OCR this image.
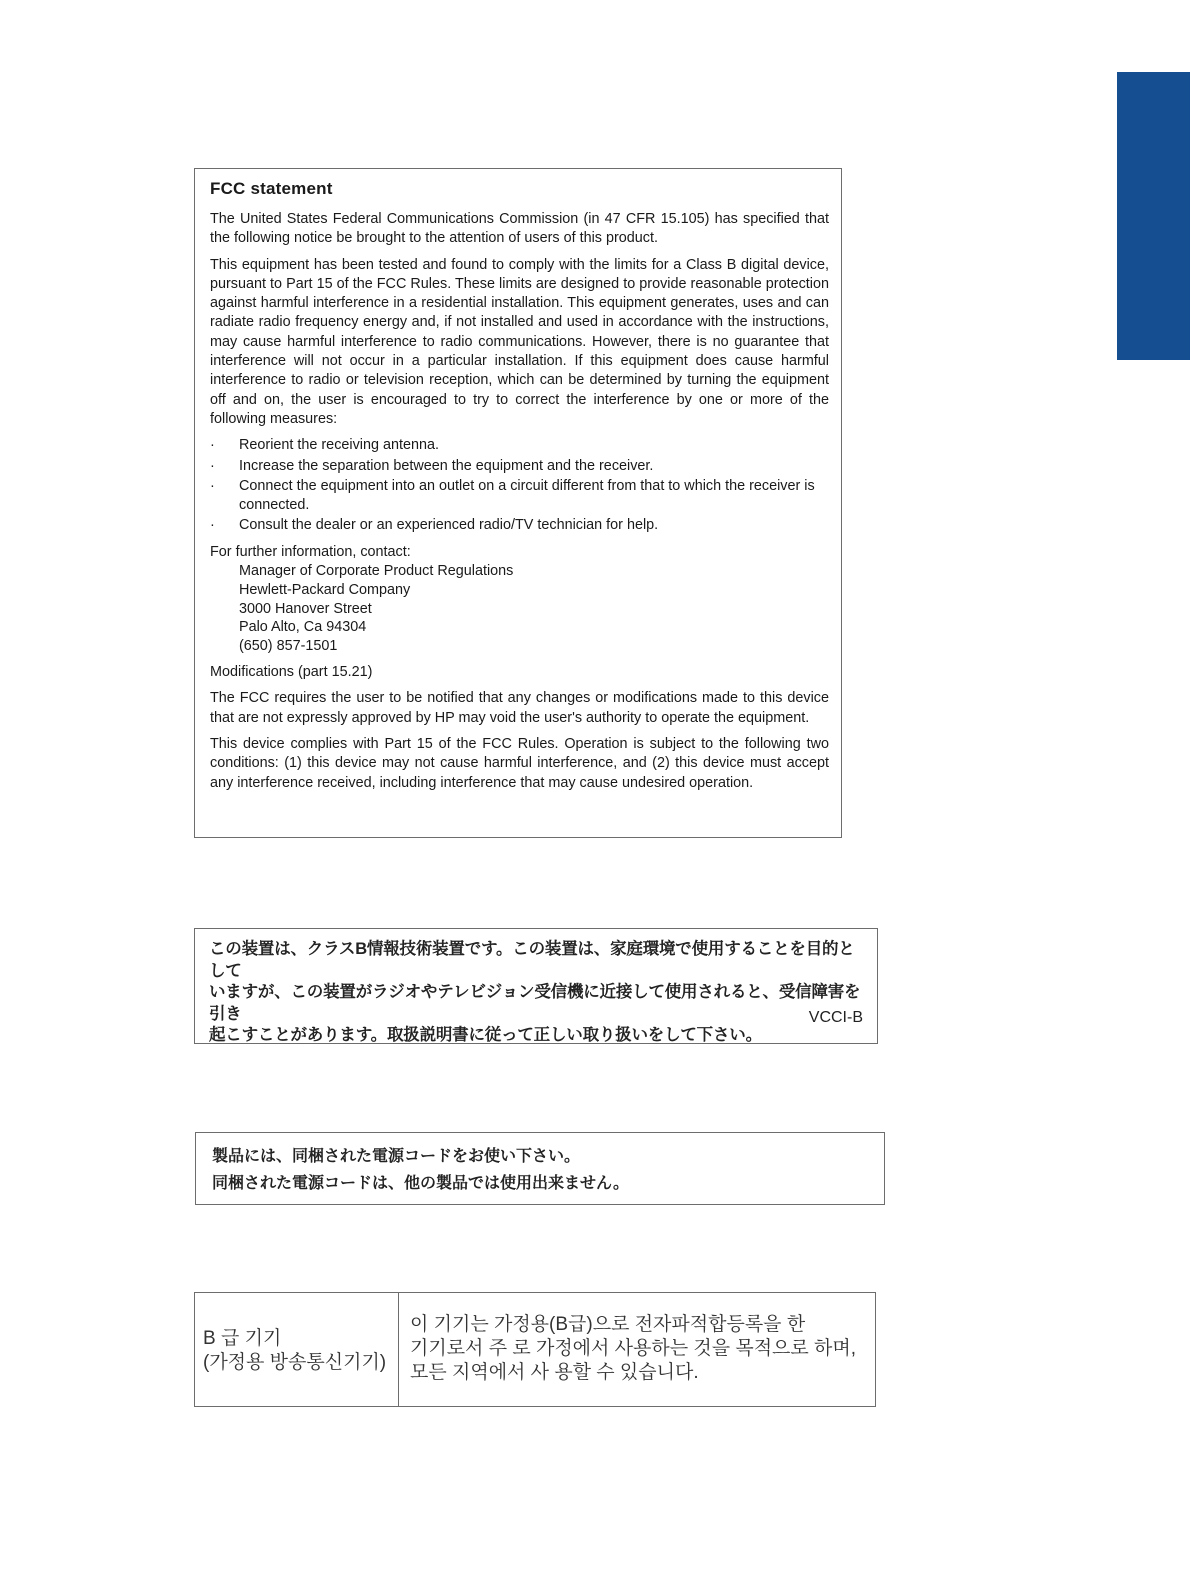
FCC statement

The United States Federal Communications Commission (in 47 CFR 15.105) has specified that the following notice be brought to the attention of users of this product.

This equipment has been tested and found to comply with the limits for a Class B digital device, pursuant to Part 15 of the FCC Rules. These limits are designed to provide reasonable protection against harmful interference in a residential installation. This equipment generates, uses and can radiate radio frequency energy and, if not installed and used in accordance with the instructions, may cause harmful interference to radio communications. However, there is no guarantee that interference will not occur in a particular installation. If this equipment does cause harmful interference to radio or television reception, which can be determined by turning the equipment off and on, the user is encouraged to try to correct the interference by one or more of the following measures:

· Reorient the receiving antenna.
· Increase the separation between the equipment and the receiver.
· Connect the equipment into an outlet on a circuit different from that to which the receiver is connected.
· Consult the dealer or an experienced radio/TV technician for help.

For further information, contact:

Manager of Corporate Product Regulations
Hewlett-Packard Company
3000 Hanover Street
Palo Alto, Ca 94304
(650) 857-1501

Modifications (part 15.21)

The FCC requires the user to be notified that any changes or modifications made to this device that are not expressly approved by HP may void the user's authority to operate the equipment.

This device complies with Part 15 of the FCC Rules. Operation is subject to the following two conditions: (1) this device may not cause harmful interference, and (2) this device must accept any interference received, including interference that may cause undesired operation.

この装置は、クラスB情報技術装置です。この装置は、家庭環境で使用することを目的として
いますが、この装置がラジオやテレビジョン受信機に近接して使用されると、受信障害を引き
起こすことがあります。取扱説明書に従って正しい取り扱いをして下さい。
VCCI-B
製品には、同梱された電源コードをお使い下さい。
同梱された電源コードは、他の製品では使用出来ません。
B 급 기기
(가정용 방송통신기기)
이 기기는 가정용(B급)으로 전자파적합등록을 한
기기로서 주 로 가정에서 사용하는 것을 목적으로 하며,
모든 지역에서 사 용할 수 있습니다.
